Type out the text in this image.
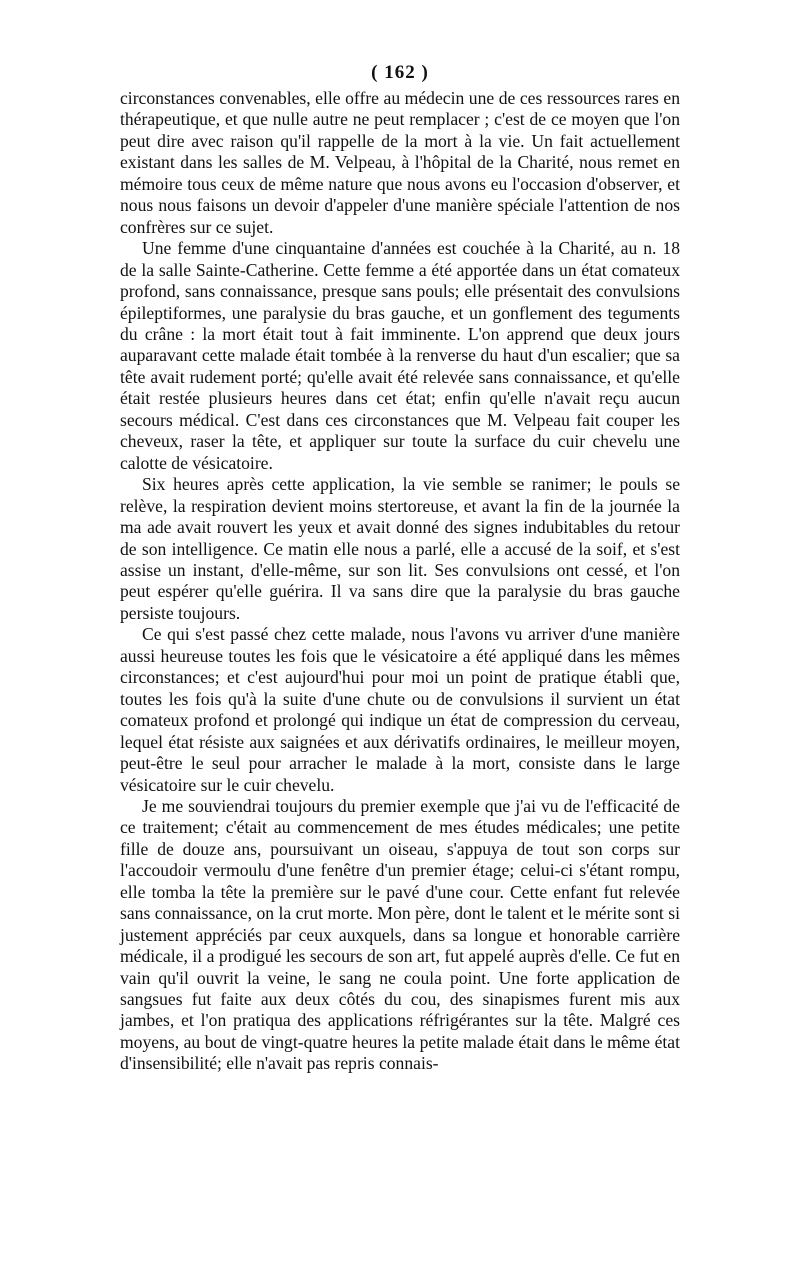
( 162 )

circonstances convenables, elle offre au médecin une de ces ressources rares en thérapeutique, et que nulle autre ne peut remplacer ; c'est de ce moyen que l'on peut dire avec raison qu'il rappelle de la mort à la vie. Un fait actuellement existant dans les salles de M. Velpeau, à l'hôpital de la Charité, nous remet en mémoire tous ceux de même nature que nous avons eu l'occasion d'observer, et nous nous faisons un devoir d'appeler d'une manière spéciale l'attention de nos confrères sur ce sujet.

Une femme d'une cinquantaine d'années est couchée à la Charité, au n. 18 de la salle Sainte-Catherine. Cette femme a été apportée dans un état comateux profond, sans connaissance, presque sans pouls; elle présentait des convulsions épileptiformes, une paralysie du bras gauche, et un gonflement des teguments du crâne : la mort était tout à fait imminente. L'on apprend que deux jours auparavant cette malade était tombée à la renverse du haut d'un escalier; que sa tête avait rudement porté; qu'elle avait été relevée sans connaissance, et qu'elle était restée plusieurs heures dans cet état; enfin qu'elle n'avait reçu aucun secours médical. C'est dans ces circonstances que M. Velpeau fait couper les cheveux, raser la tête, et appliquer sur toute la surface du cuir chevelu une calotte de vésicatoire.

Six heures après cette application, la vie semble se ranimer; le pouls se relève, la respiration devient moins stertoreuse, et avant la fin de la journée la ma ade avait rouvert les yeux et avait donné des signes indubitables du retour de son intelligence. Ce matin elle nous a parlé, elle a accusé de la soif, et s'est assise un instant, d'elle-même, sur son lit. Ses convulsions ont cessé, et l'on peut espérer qu'elle guérira. Il va sans dire que la paralysie du bras gauche persiste toujours.

Ce qui s'est passé chez cette malade, nous l'avons vu arriver d'une manière aussi heureuse toutes les fois que le vésicatoire a été appliqué dans les mêmes circonstances; et c'est aujourd'hui pour moi un point de pratique établi que, toutes les fois qu'à la suite d'une chute ou de convulsions il survient un état comateux profond et prolongé qui indique un état de compression du cerveau, lequel état résiste aux saignées et aux dérivatifs ordinaires, le meilleur moyen, peut-être le seul pour arracher le malade à la mort, consiste dans le large vésicatoire sur le cuir chevelu.

Je me souviendrai toujours du premier exemple que j'ai vu de l'efficacité de ce traitement; c'était au commencement de mes études médicales; une petite fille de douze ans, poursuivant un oiseau, s'appuya de tout son corps sur l'accoudoir vermoulu d'une fenêtre d'un premier étage; celui-ci s'étant rompu, elle tomba la tête la première sur le pavé d'une cour. Cette enfant fut relevée sans connaissance, on la crut morte. Mon père, dont le talent et le mérite sont si justement appréciés par ceux auxquels, dans sa longue et honorable carrière médicale, il a prodigué les secours de son art, fut appelé auprès d'elle. Ce fut en vain qu'il ouvrit la veine, le sang ne coula point. Une forte application de sangsues fut faite aux deux côtés du cou, des sinapismes furent mis aux jambes, et l'on pratiqua des applications réfrigérantes sur la tête. Malgré ces moyens, au bout de vingt-quatre heures la petite malade était dans le même état d'insensibilité; elle n'avait pas repris connais-
